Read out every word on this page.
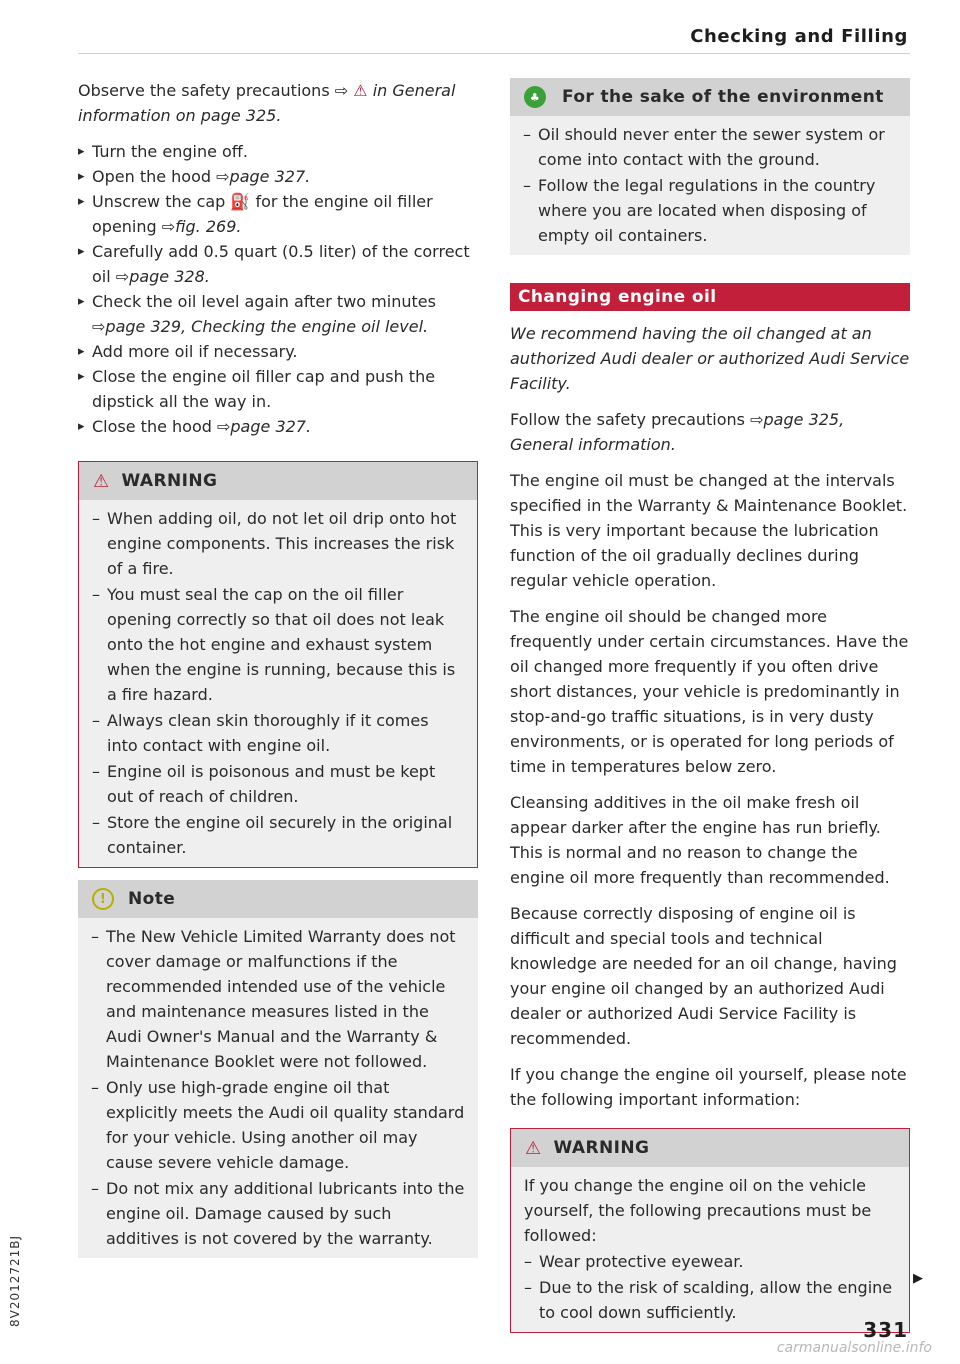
Checking and Filling

Observe the safety precautions ⇨ ⚠ in General information on page 325.

▸ Turn the engine off.
▸ Open the hood ⇨page 327.
▸ Unscrew the cap ⛽ for the engine oil filler opening ⇨fig. 269.
▸ Carefully add 0.5 quart (0.5 liter) of the correct oil ⇨page 328.
▸ Check the oil level again after two minutes ⇨page 329, Checking the engine oil level.
▸ Add more oil if necessary.
▸ Close the engine oil filler cap and push the dipstick all the way in.
▸ Close the hood ⇨page 327.
⚠ WARNING
– When adding oil, do not let oil drip onto hot engine components. This increases the risk of a fire.
– You must seal the cap on the oil filler opening correctly so that oil does not leak onto the hot engine and exhaust system when the engine is running, because this is a fire hazard.
– Always clean skin thoroughly if it comes into contact with engine oil.
– Engine oil is poisonous and must be kept out of reach of children.
– Store the engine oil securely in the original container.
!	Note
– The New Vehicle Limited Warranty does not cover damage or malfunctions if the recommended intended use of the vehicle and maintenance measures listed in the Audi Owner's Manual and the Warranty & Maintenance Booklet were not followed.
– Only use high-grade engine oil that explicitly meets the Audi oil quality standard for your vehicle. Using another oil may cause severe vehicle damage.
– Do not mix any additional lubricants into the engine oil. Damage caused by such additives is not covered by the warranty.
♣	For the sake of the environment
– Oil should never enter the sewer system or come into contact with the ground.
– Follow the legal regulations in the country where you are located when disposing of empty oil containers.
Changing engine oil

We recommend having the oil changed at an authorized Audi dealer or authorized Audi Service Facility.

Follow the safety precautions ⇨page 325, General information.

The engine oil must be changed at the intervals specified in the Warranty & Maintenance Booklet. This is very important because the lubrication function of the oil gradually declines during regular vehicle operation.

The engine oil should be changed more frequently under certain circumstances. Have the oil changed more frequently if you often drive short distances, your vehicle is predominantly in stop-and-go traffic situations, is in very dusty environments, or is operated for long periods of time in temperatures below zero.

Cleansing additives in the oil make fresh oil appear darker after the engine has run briefly. This is normal and no reason to change the engine oil more frequently than recommended.

Because correctly disposing of engine oil is difficult and special tools and technical knowledge are needed for an oil change, having your engine oil changed by an authorized Audi dealer or authorized Audi Service Facility is recommended.

If you change the engine oil yourself, please note the following important information:

⚠ WARNING

If you change the engine oil on the vehicle yourself, the following precautions must be followed:

– Wear protective eyewear.
– Due to the risk of scalding, allow the engine to cool down sufficiently.
▶
331
8V2012721BJ
carmanualsonline.info
